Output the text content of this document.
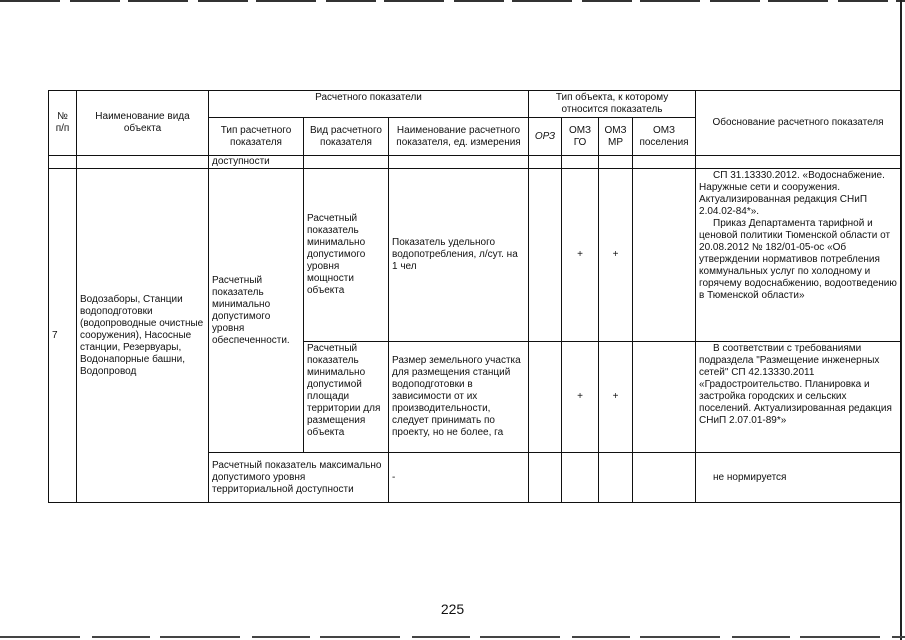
№ п/п	Наименование вида объекта	Расчетного показатели			Тип объекта, к которому относится показатель				Обоснование расчетного показателя
		Тип расчетного показателя	Вид расчетного показателя	Наименование расчетного показателя, ед. измерения	ОРЗ	ОМЗ ГО	ОМЗ МР	ОМЗ поселения	
		доступности							
7	Водозаборы, Станции водоподготовки (водопроводные очистные сооружения), Насосные станции, Резервуары, Водонапорные башни, Водопровод	Расчетный показатель минимально допустимого уровня обеспеченности.	Расчетный показатель минимально допустимого уровня мощности объекта	Показатель удельного водопотребления, л/сут. на 1 чел		+	+		СП 31.13330.2012. «Водоснабжение. Наружные сети и сооружения. Актуализированная редакция СНиП 2.04.02-84*».
Приказ Департамента тарифной и ценовой политики Тюменской области от 20.08.2012 № 182/01-05-ос «Об утверждении нормативов потребления коммунальных услуг по холодному и горячему водоснабжению, водоотведению в Тюменской области»

			Расчетный показатель минимально допустимой площади территории для размещения объекта	Размер земельного участка для размещения станций водоподготовки в зависимости от их производительности, следует принимать по проекту, но не более, га		+	+		В соответствии с требованиями подраздела "Размещение инженерных сетей" СП 42.13330.2011 «Градостроительство. Планировка и застройка городских и сельских поселений. Актуализированная редакция СНиП 2.07.01-89*»
		Расчетный показатель максимально допустимого уровня территориальной доступности		-					не нормируется
225
